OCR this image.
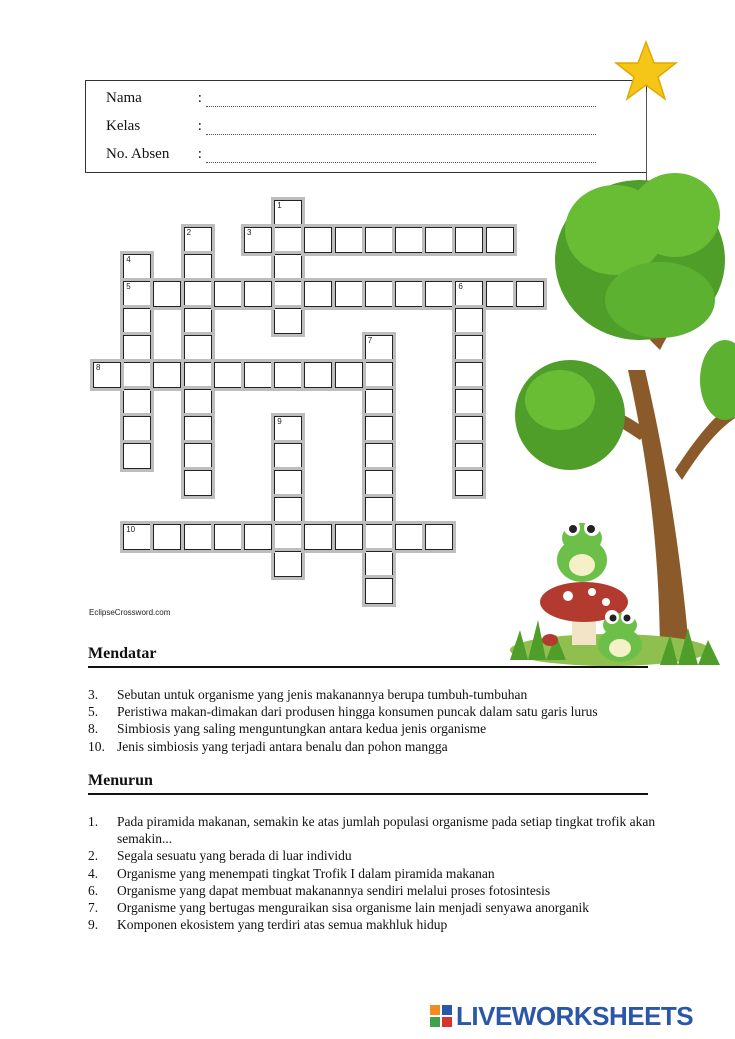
Nama	:
Kelas	:
No. Absen :
1
2	3
4
5	6
7
8
9
10
EclipseCrossword.com
Mendatar
3. Sebutan untuk organisme yang jenis makanannya berupa tumbuh-tumbuhan
5. Peristiwa makan-dimakan dari produsen hingga konsumen puncak dalam satu garis lurus
8. Simbiosis yang saling menguntungkan antara kedua jenis organisme
10. Jenis simbiosis yang terjadi antara benalu dan pohon mangga
Menurun
1. Pada piramida makanan, semakin ke atas jumlah populasi organisme pada setiap tingkat trofik akan semakin...
2. Segala sesuatu yang berada di luar individu
4. Organisme yang menempati tingkat Trofik I dalam piramida makanan
6. Organisme yang dapat membuat makanannya sendiri melalui proses fotosintesis
7. Organisme yang bertugas menguraikan sisa organisme lain menjadi senyawa anorganik
9. Komponen ekosistem yang terdiri atas semua makhluk hidup
LIVEWORKSHEETS
